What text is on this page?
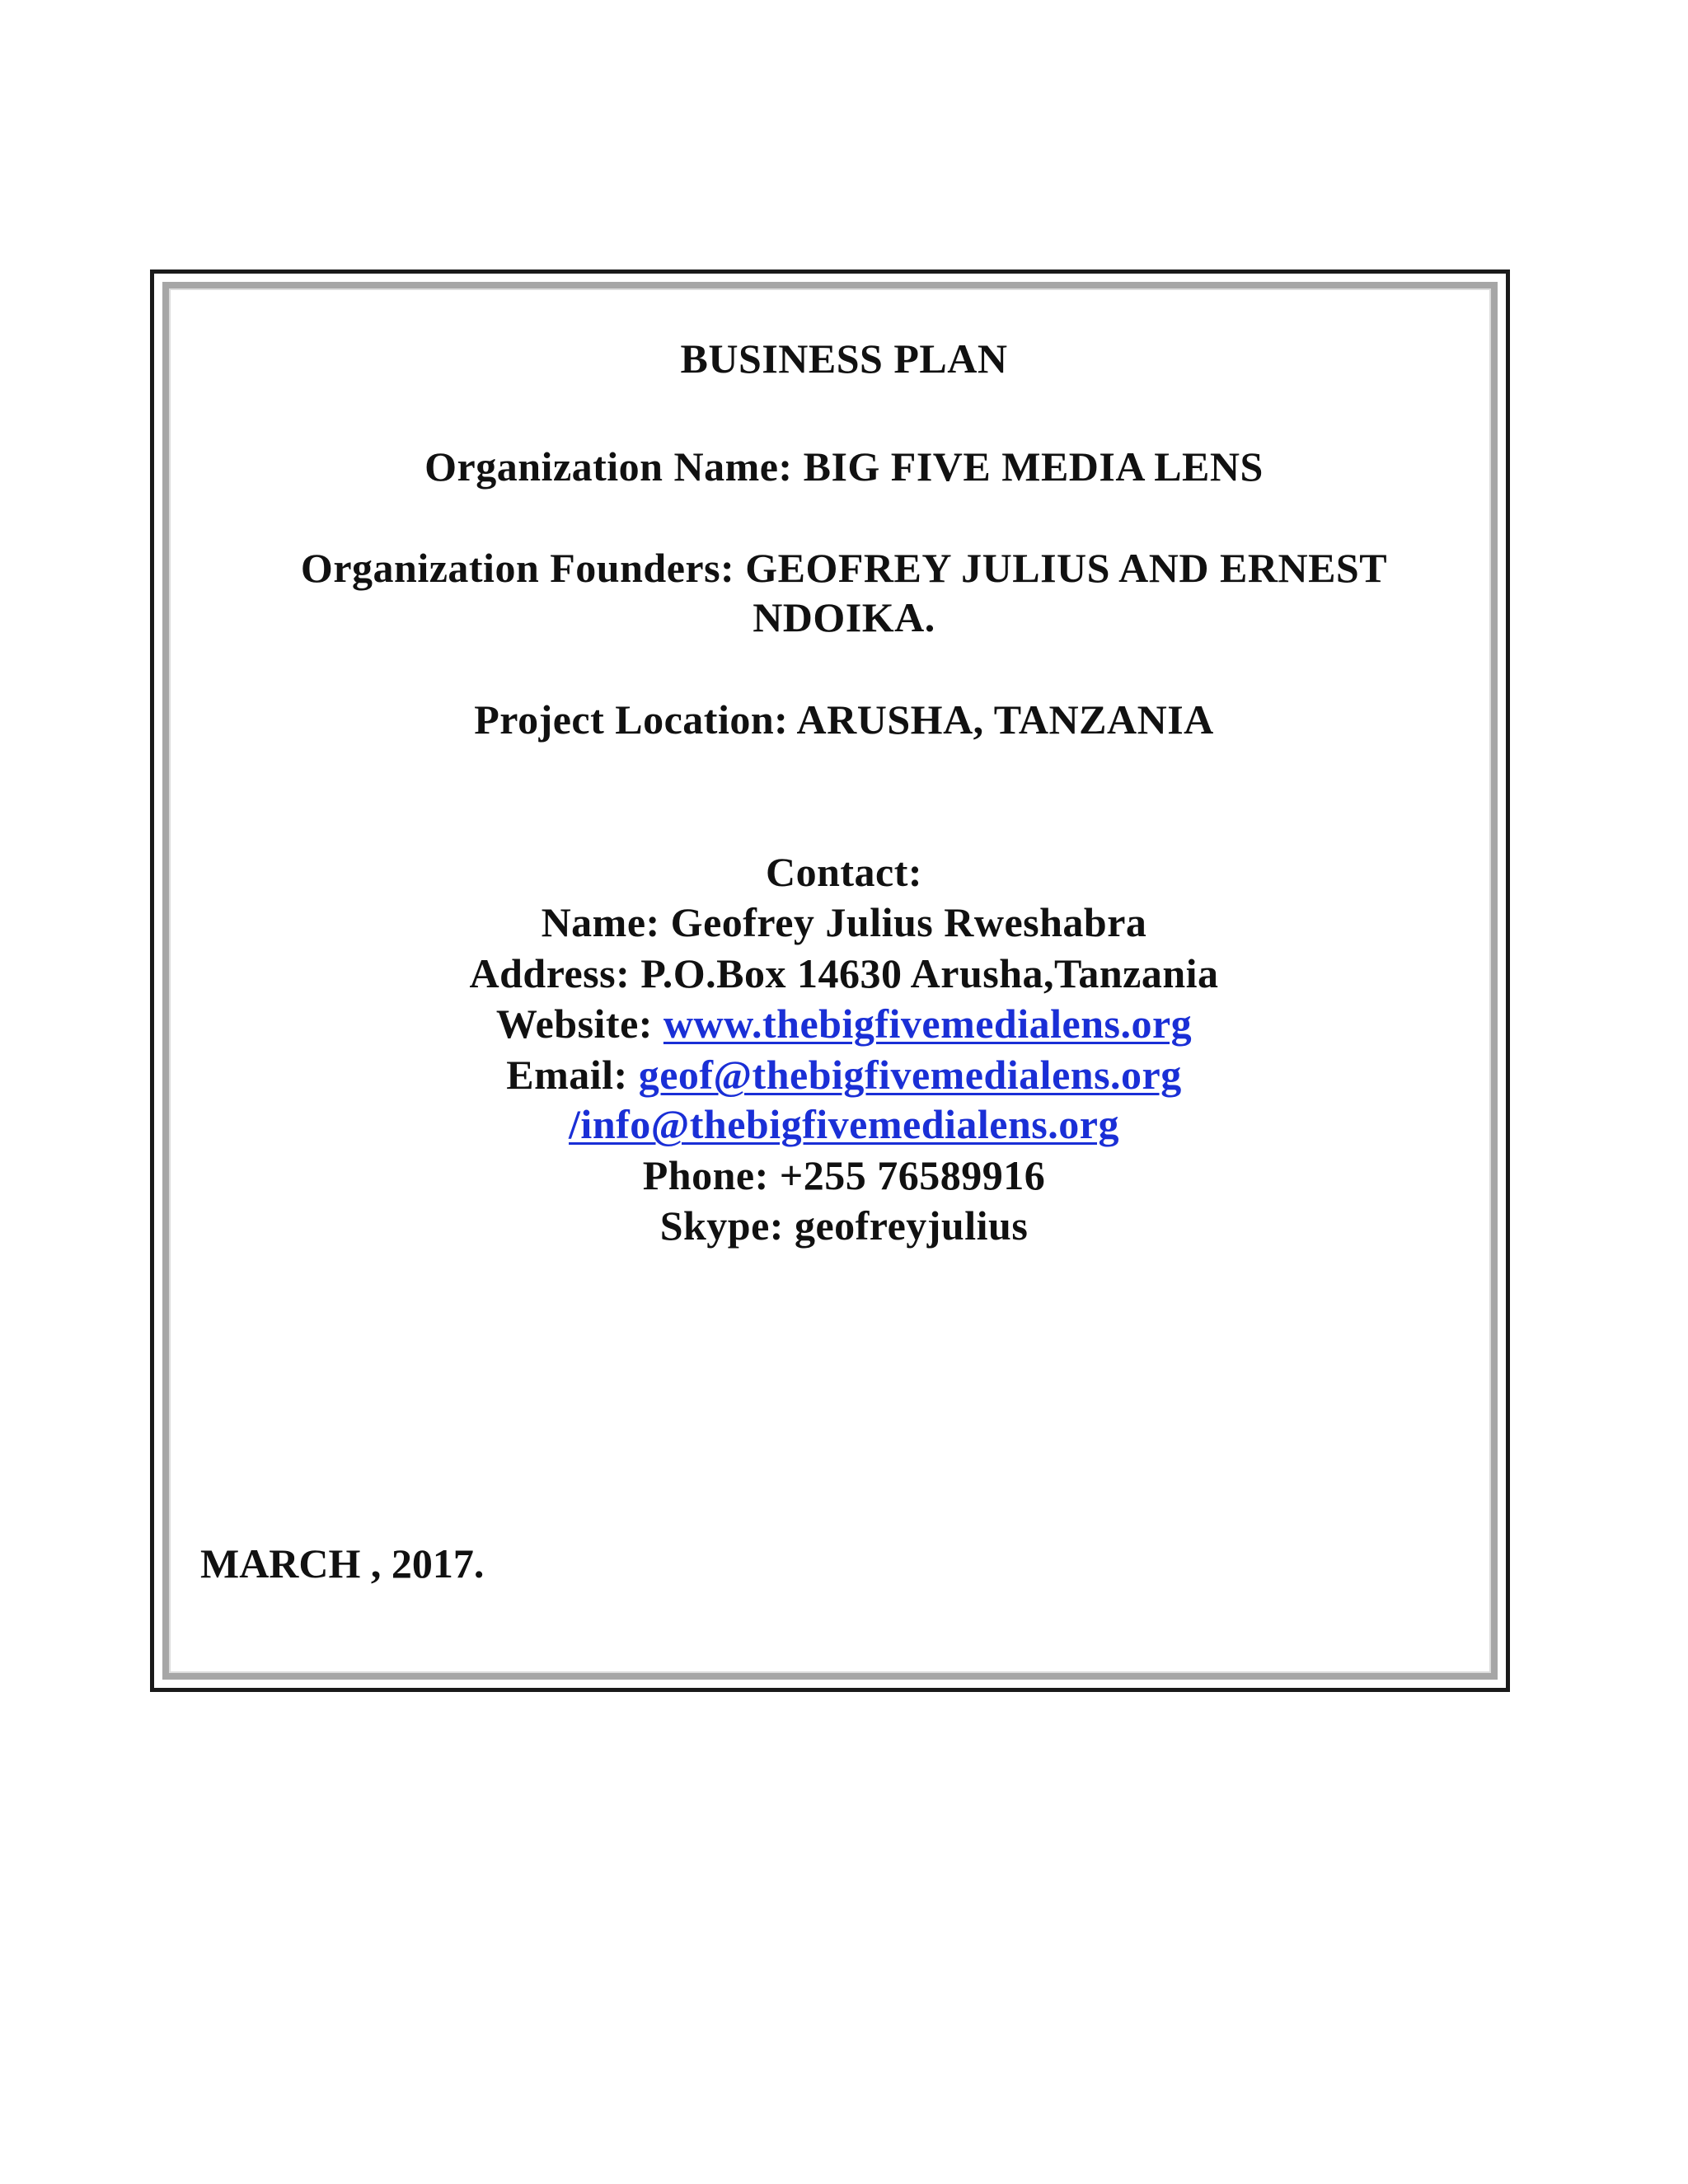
BUSINESS PLAN
Organization Name: BIG FIVE MEDIA LENS
Organization Founders: GEOFREY JULIUS AND ERNEST
NDOIKA.
Project Location: ARUSHA, TANZANIA
Contact:
Name: Geofrey Julius Rweshabra
Address: P.O.Box 14630 Arusha,Tanzania
Website: www.thebigfivemedialens.org
Email: geof@thebigfivemedialens.org
/info@thebigfivemedialens.org
Phone: +255 76589916
Skype: geofreyjulius
MARCH , 2017.
